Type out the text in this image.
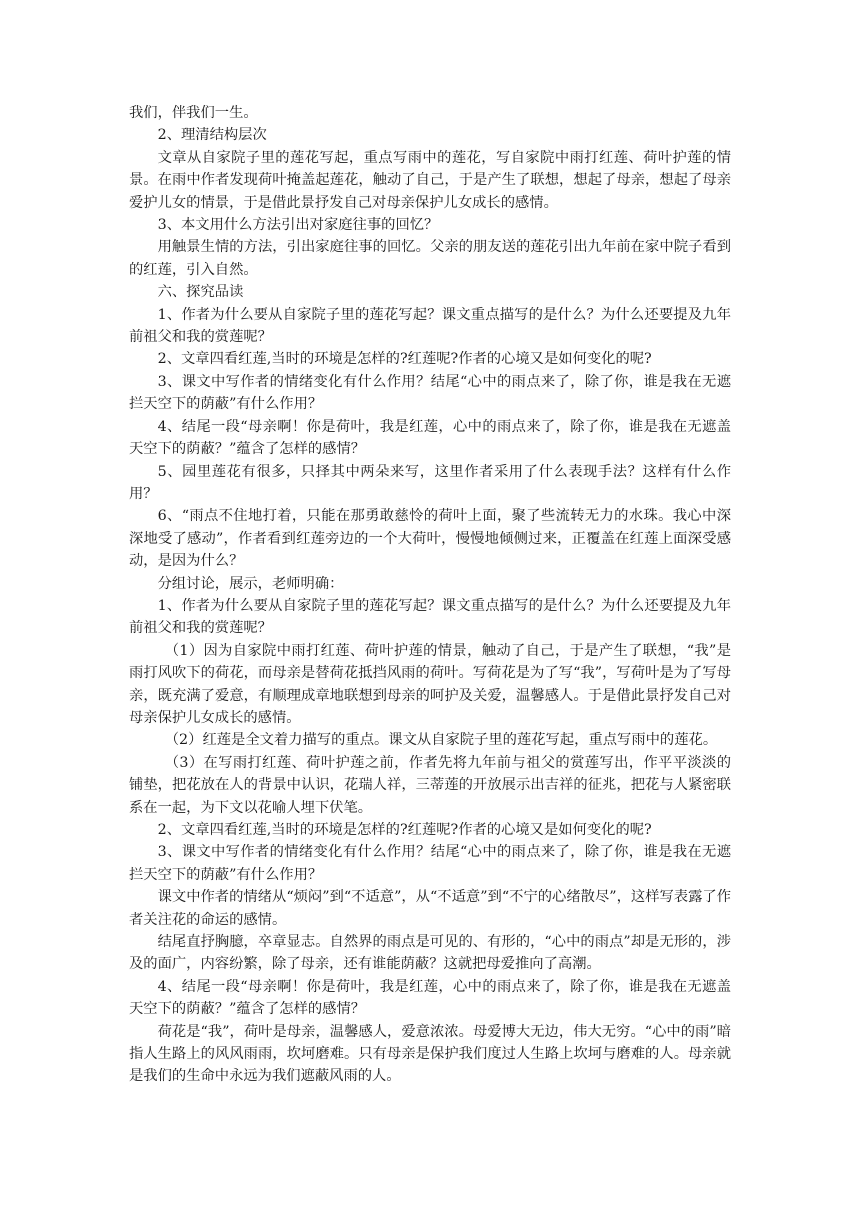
我们，伴我们一生。

2、理清结构层次

文章从自家院子里的莲花写起，重点写雨中的莲花，写自家院中雨打红莲、荷叶护莲的情景。在雨中作者发现荷叶掩盖起莲花，触动了自己，于是产生了联想，想起了母亲，想起了母亲爱护儿女的情景，于是借此景抒发自己对母亲保护儿女成长的感情。

3、本文用什么方法引出对家庭往事的回忆？

用触景生情的方法，引出家庭往事的回忆。父亲的朋友送的莲花引出九年前在家中院子看到的红莲，引入自然。

六、探究品读

1、作者为什么要从自家院子里的莲花写起？课文重点描写的是什么？为什么还要提及九年前祖父和我的赏莲呢？

2、文章四看红莲,当时的环境是怎样的?红莲呢?作者的心境又是如何变化的呢?

3、课文中写作者的情绪变化有什么作用？结尾“心中的雨点来了，除了你，谁是我在无遮拦天空下的荫蔽”有什么作用？

4、结尾一段“母亲啊！你是荷叶，我是红莲，心中的雨点来了，除了你，谁是我在无遮盖天空下的荫蔽？”蕴含了怎样的感情？

5、园里莲花有很多，只择其中两朵来写，这里作者采用了什么表现手法？这样有什么作用？

6、“雨点不住地打着，只能在那勇敢慈怜的荷叶上面，聚了些流转无力的水珠。我心中深深地受了感动”，作者看到红莲旁边的一个大荷叶，慢慢地倾侧过来，正覆盖在红莲上面深受感动，是因为什么？

分组讨论，展示，老师明确：

1、作者为什么要从自家院子里的莲花写起？课文重点描写的是什么？为什么还要提及九年前祖父和我的赏莲呢？

（1）因为自家院中雨打红莲、荷叶护莲的情景，触动了自己，于是产生了联想，“我”是雨打风吹下的荷花，而母亲是替荷花抵挡风雨的荷叶。写荷花是为了写“我”，写荷叶是为了写母亲，既充满了爱意，有顺理成章地联想到母亲的呵护及关爱，温馨感人。于是借此景抒发自己对母亲保护儿女成长的感情。

（2）红莲是全文着力描写的重点。课文从自家院子里的莲花写起，重点写雨中的莲花。

（3）在写雨打红莲、荷叶护莲之前，作者先将九年前与祖父的赏莲写出，作平平淡淡的铺垫，把花放在人的背景中认识，花瑞人祥，三蒂莲的开放展示出吉祥的征兆，把花与人紧密联系在一起，为下文以花喻人埋下伏笔。

2、文章四看红莲,当时的环境是怎样的?红莲呢?作者的心境又是如何变化的呢?

3、课文中写作者的情绪变化有什么作用？结尾“心中的雨点来了，除了你，谁是我在无遮拦天空下的荫蔽”有什么作用？

课文中作者的情绪从“烦闷”到“不适意”，从“不适意”到“不宁的心绪散尽”，这样写表露了作者关注花的命运的感情。

结尾直抒胸臆，卒章显志。自然界的雨点是可见的、有形的，“心中的雨点”却是无形的，涉及的面广，内容纷繁，除了母亲，还有谁能荫蔽？这就把母爱推向了高潮。

4、结尾一段“母亲啊！你是荷叶，我是红莲，心中的雨点来了，除了你，谁是我在无遮盖天空下的荫蔽？”蕴含了怎样的感情？

荷花是“我”，荷叶是母亲，温馨感人，爱意浓浓。母爱博大无边，伟大无穷。“心中的雨”暗指人生路上的风风雨雨，坎坷磨难。只有母亲是保护我们度过人生路上坎坷与磨难的人。母亲就是我们的生命中永远为我们遮蔽风雨的人。
